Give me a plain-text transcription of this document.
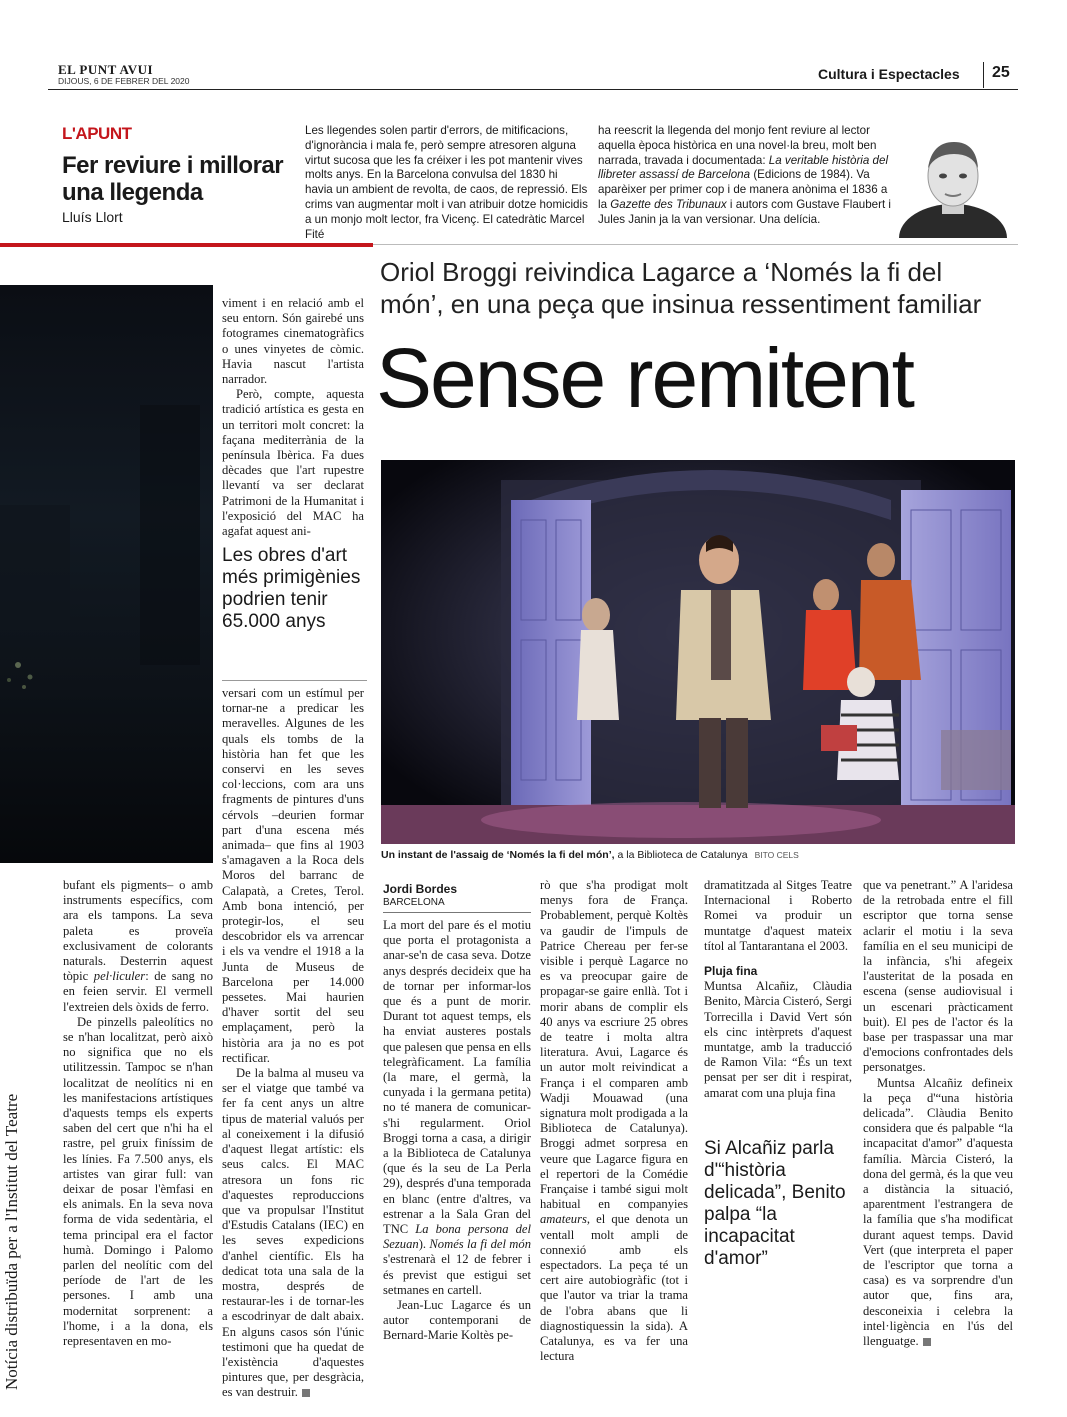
EL PUNT AVUI
DIJOUS, 6 DE FEBRER DEL 2020	Cultura i Espectacles 25
L'APUNT
Fer reviure i millorar una llegenda
Lluís Llort

Les llegendes solen partir d'errors, de mitificacions, d'ignorància i mala fe, però sempre atresoren alguna virtut sucosa que les fa créixer i les pot mantenir vives molts anys. En la Barcelona convulsa del 1830 hi havia un ambient de revolta, de caos, de repressió. Els crims van augmentar molt i van atribuir dotze homicidis a un monjo molt lector, fra Vicenç. El catedràtic Marcel Fité

ha reescrit la llegenda del monjo fent reviure al lector aquella època històrica en una novel·la breu, molt ben narrada, travada i documentada: La veritable història del llibreter assassí de Barcelona (Edicions de 1984). Va aparèixer per primer cop i de manera anònima el 1836 a la Gazette des Tribunaux i autors com Gustave Flaubert i Jules Janin ja la van versionar. Una delícia.

viment i en relació amb el seu entorn. Són gairebé uns fotogrames cinematogràfics o unes vinyetes de còmic. Havia nascut l'artista narrador.

Però, compte, aquesta tradició artística es gesta en un territori molt concret: la façana mediterrània de la península Ibèrica. Fa dues dècades que l'art rupestre llevantí va ser declarat Patrimoni de la Humanitat i l'exposició del MAC ha agafat aquest ani-

Les obres d'art més primigènies podrien tenir 65.000 anys

versari com un estímul per tornar-ne a predicar les meravelles. Algunes de les quals els tombs de la història han fet que les conservi en les seves col·leccions, com ara uns fragments de pintures d'uns cérvols –deurien formar part d'una escena més animada– que fins al 1903 s'amagaven a la Roca dels Moros del barranc de Calapatà, a Cretes, Terol. Amb bona intenció, per protegir-los, el seu descobridor els va arrencar i els va vendre el 1918 a la Junta de Museus de Barcelona per 14.000 pessetes. Mai haurien d'haver sortit del seu emplaçament, però la història ara ja no es pot rectificar.

De la balma al museu va ser el viatge que també va fer fa cent anys un altre tipus de material valuós per al coneixement i la difusió d'aquest llegat artístic: els seus calcs. El MAC atresora un fons ric d'aquestes reproduccions que va propulsar l'Institut d'Estudis Catalans (IEC) en les seves expedicions d'anhel científic. Els ha dedicat tota una sala de la mostra, després de restaurar-les i de tornar-les a escodrinyar de dalt abaix. En alguns casos són l'únic testimoni que ha quedat de l'existència d'aquestes pintures que, per desgràcia, es van destruir.

bufant els pigments– o amb instruments específics, com ara els tampons. La seva paleta es proveïa exclusivament de colorants naturals. Desterrin aquest tòpic pel·liculer: de sang no en feien servir. El vermell l'extreien dels òxids de ferro.

De pinzells paleolítics no se n'han localitzat, però això no significa que no els utilitzessin. Tampoc se n'han localitzat de neolítics ni en les manifestacions artístiques d'aquests temps els experts saben del cert que n'hi ha el rastre, pel gruix finíssim de les línies. Fa 7.500 anys, els artistes van girar full: van deixar de posar l'èmfasi en els animals. En la seva nova forma de vida sedentària, el tema principal era el factor humà. Domingo i Palomo parlen del neolític com del període de l'art de les persones. I amb una modernitat sorprenent: a l'home, i a la dona, els representaven en mo-

Oriol Broggi reivindica Lagarce a ‘Només la fi del món’, en una peça que insinua ressentiment familiar
Sense remitent
Un instant de l'assaig de ‘Només la fi del món’, a la Biblioteca de Catalunya BITO CELS
Jordi Bordes
BARCELONA

La mort del pare és el motiu que porta el protagonista a anar-se'n de casa seva. Dotze anys després decideix que ha de tornar per informar-los que és a punt de morir. Durant tot aquest temps, els ha enviat austeres postals que palesen que pensa en ells telegràficament. La família (la mare, el germà, la cunyada i la germana petita) no té manera de comunicar-s'hi regularment. Oriol Broggi torna a casa, a dirigir a la Biblioteca de Catalunya (que és la seu de La Perla 29), després d'una temporada en blanc (entre d'altres, va estrenar a la Sala Gran del TNC La bona persona del Sezuan). Només la fi del món s'estrenarà el 12 de febrer i és previst que estigui set setmanes en cartell.

Jean-Luc Lagarce és un autor contemporani de Bernard-Marie Koltès pe-

rò que s'ha prodigat molt menys fora de França. Probablement, perquè Koltès va gaudir de l'impuls de Patrice Chereau per fer-se visible i perquè Lagarce no es va preocupar gaire de propagar-se gaire enllà. Tot i morir abans de complir els 40 anys va escriure 25 obres de teatre i molta altra literatura. Avui, Lagarce és un autor molt reivindicat a França i el comparen amb Wadji Mouawad (una signatura molt prodigada a la Biblioteca de Catalunya). Broggi admet sorpresa en veure que Lagarce figura en el repertori de la Comédie Française i també sigui molt habitual en companyies amateurs, el que denota un ventall molt ampli de connexió amb els espectadors. La peça té un cert aire autobiogràfic (tot i que l'autor va triar la trama de l'obra abans que li diagnostiquessin la sida). A Catalunya, es va fer una lectura

dramatitzada al Sitges Teatre Internacional i Roberto Romei va produir un muntatge d'aquest mateix títol al Tantarantana el 2003.

Pluja fina

Muntsa Alcañiz, Clàudia Benito, Màrcia Cisteró, Sergi Torrecilla i David Vert són els cinc intèrprets d'aquest muntatge, amb la traducció de Ramon Vila: “És un text pensat per ser dit i respirat, amarat com una pluja fina

Si Alcañiz parla d'“història delicada”, Benito palpa “la incapacitat d'amor”

que va penetrant.” A l'aridesa de la retrobada entre el fill escriptor que torna sense aclarir el motiu i la seva família en el seu municipi de la infància, s'hi afegeix l'austeritat de la posada en escena (sense audiovisual i un escenari pràcticament buit). El pes de l'actor és la base per traspassar una mar d'emocions confrontades dels personatges.

Muntsa Alcañiz defineix la peça d'“una història delicada”. Clàudia Benito considera que és palpable “la incapacitat d'amor” d'aquesta família. Màrcia Cisteró, la dona del germà, és la que veu a distància la situació, aparentment l'estrangera de la família que s'ha modificat durant aquest temps. David Vert (que interpreta el paper de l'escriptor que torna a casa) es va sorprendre d'un autor que, fins ara, desconeixia i celebra la intel·ligència en l'ús del llenguatge.

Notícia distribuïda per a l'Institut del Teatre
